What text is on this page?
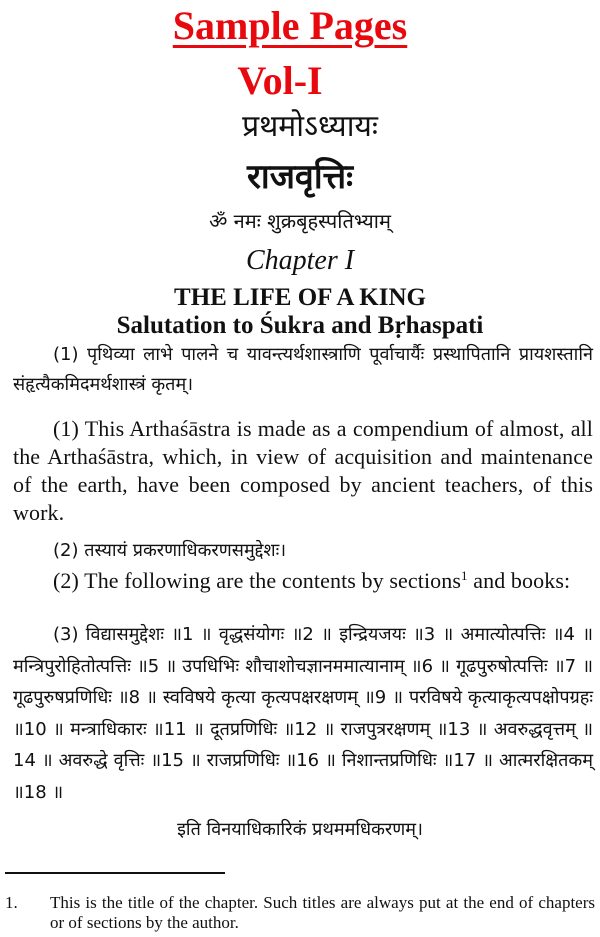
Sample Pages
Vol-I
प्रथमोऽध्यायः
राजवृत्तिः
ॐ नमः शुक्रबृहस्पतिभ्याम्
Chapter I
THE LIFE OF A KING
Salutation to Śukra and Bṛhaspati
(1) पृथिव्या लाभे पालने च यावन्त्यर्थशास्त्राणि पूर्वाचार्यैः प्रस्थापितानि प्रायशस्तानि संहृत्यैकमिदमर्थशास्त्रं कृतम्।
(1) This Arthaśāstra is made as a compendium of almost, all the Arthaśāstra, which, in view of acquisition and maintenance of the earth, have been composed by ancient teachers, of this work.
(2) तस्यायं प्रकरणाधिकरणसमुद्देशः।
(2) The following are the contents by sections$^1$ and books:
(3) विद्यासमुद्देशः ॥1 ॥ वृद्धसंयोगः ॥2 ॥ इन्द्रियजयः ॥3 ॥ अमात्योत्पत्तिः ॥4 ॥ मन्त्रिपुरोहितोत्पत्तिः ॥5 ॥ उपधिभिः शौचाशोचज्ञानममात्यानाम् ॥6 ॥ गूढपुरुषोत्पत्तिः ॥7 ॥ गूढपुरुषप्रणिधिः ॥8 ॥ स्वविषये कृत्या कृत्यपक्षरक्षणम् ॥9 ॥ परविषये कृत्याकृत्यपक्षोपग्रहः ॥10 ॥ मन्त्राधिकारः ॥11 ॥ दूतप्रणिधिः ॥12 ॥ राजपुत्ररक्षणम् ॥13 ॥ अवरुद्धवृत्तम् ॥14 ॥ अवरुद्धे वृत्तिः ॥15 ॥ राजप्रणिधिः ॥16 ॥ निशान्तप्रणिधिः ॥17 ॥ आत्मरक्षितकम् ॥18 ॥
इति विनयाधिकारिकं प्रथममधिकरणम्।
1. This is the title of the chapter. Such titles are always put at the end of chapters or of sections by the author.
